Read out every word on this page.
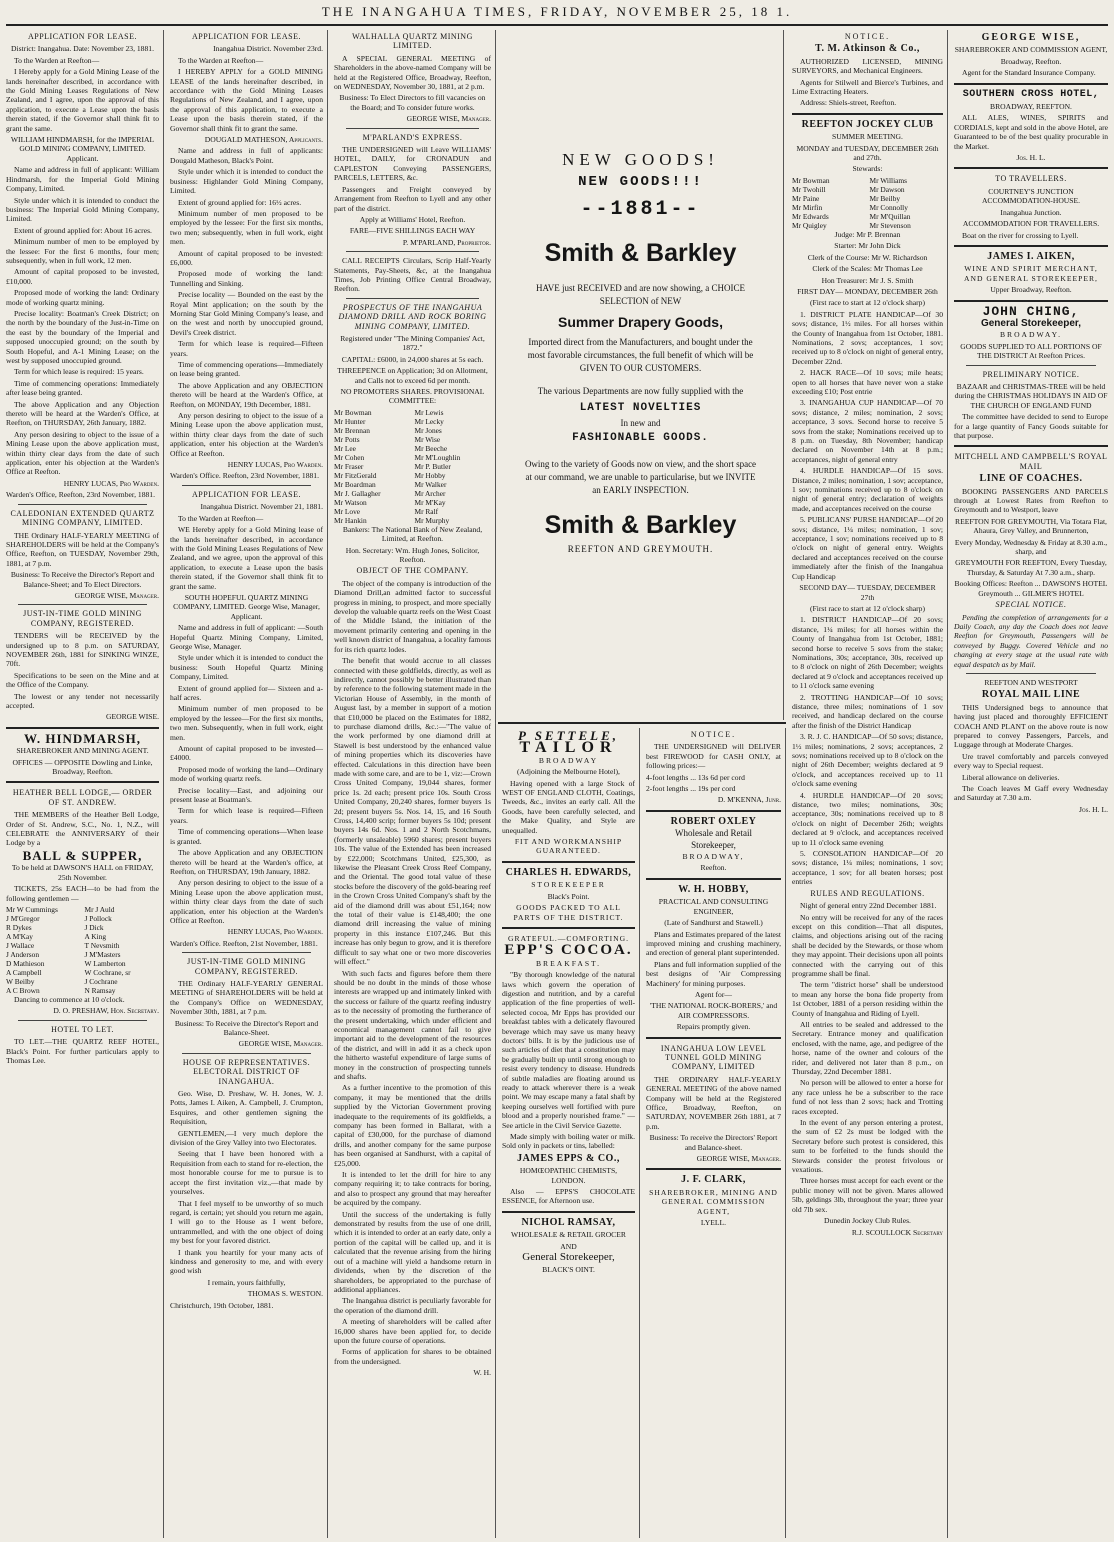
THE INANGAHUA TIMES, FRIDAY, NOVEMBER 25, 18 1.
APPLICATION FOR LEASE.

District: Inangahua. Date: November 23, 1881.

To the Warden at Reefton—

I Hereby apply for a Gold Mining Lease of the lands hereinafter described, in accordance with the Gold Mining Leases Regulations of New Zealand, and I agree, upon the approval of this application, to execute a Lease upon the basis therein stated, if the Governor shall think fit to grant the same.

WILLIAM HINDMARSH, for the IMPERIAL GOLD MINING COMPANY, LIMITED. Applicant.

Name and address in full of applicant: William Hindmarsh, for the Imperial Gold Mining Company, Limited.

Style under which it is intended to conduct the business: The Imperial Gold Mining Company, Limited.

Extent of ground applied for: About 16 acres.

Minimum number of men to be employed by the lessee: For the first 6 months, four men; subsequently, when in full work, 12 men.

Amount of capital proposed to be invested, £10,000.

Proposed mode of working the land: Ordinary mode of working quartz mining.

Precise locality: Boatman's Creek District; on the north by the boundary of the Just-in-Time on the east by the boundary of the Imperial and supposed unoccupied ground; on the south by South Hopeful, and A-1 Mining Lease; on the west by supposed unoccupied ground.

Term for which lease is required: 15 years.

Time of commencing operations: Immediately after lease being granted.

The above Application and any Objection thereto will be heard at the Warden's Office, at Reefton, on THURSDAY, 26th January, 1882.

Any person desiring to object to the issue of a Mining Lease upon the above application must, within thirty clear days from the date of such application, enter his objection at the Warden's Office at Reefton.

HENRY LUCAS, Pro Warden.

Warden's Office, Reefton, 23rd November, 1881.

CALEDONIAN EXTENDED QUARTZ MINING COMPANY, LIMITED.

THE Ordinary HALF-YEARLY MEETING of SHAREHOLDERS will be held at the Company's Office, Reefton, on TUESDAY, November 29th, 1881, at 7 p.m.

Business: To Receive the Director's Report and Balance-Sheet; and To Elect Directors.

GEORGE WISE, Manager.
JUST-IN-TIME GOLD MINING COMPANY, REGISTERED.

TENDERS will be RECEIVED by the undersigned up to 8 p.m. on SATURDAY, NOVEMBER 26th, 1881 for SINKING WINZE, 70ft.

Specifications to be seen on the Mine and at the Office of the Company.

The lowest or any tender not necessarily accepted.

GEORGE WISE.
W. HINDMARSH,

SHAREBROKER AND MINING AGENT.

OFFICES — OPPOSITE Dowling and Linke, Broadway, Reefton.

HEATHER BELL LODGE,— ORDER OF ST. ANDREW.

THE MEMBERS of the Heather Bell Lodge, Order of St. Andrew, S.C., No. 1, N.Z., will CELEBRATE the ANNIVERSARY of their Lodge by a

BALL & SUPPER,

To be held at DAWSON'S HALL on FRIDAY, 25th November.

TICKETS, 25s EACH—to be had from the following gentlemen —

Mr W Cummings	Mr J Auld
J M'Gregor	J Pollock
R Dykes	J Dick
A M'Kay	A King
J Wallace	T Nevsmith
J Anderson	J M'Masters
D Mathieson	W Lamberton
A Campbell	W Cochrane, sr
W Beilby	J Cochrane
A C Brown	N Ramsay

Dancing to commence at 10 o'clock.

D. O. PRESHAW, Hon. Secretary.
HOTEL TO LET.

TO LET.—THE QUARTZ REEF HOTEL, Black's Point. For further particulars apply to Thomas Lee.

APPLICATION FOR LEASE.

Inangahua District. November 23rd.

To the Warden at Reefton—

I HEREBY APPLY for a GOLD MINING LEASE of the lands hereinafter described, in accordance with the Gold Mining Leases Regulations of New Zealand, and I agree, upon the approval of this application, to execute a Lease upon the basis therein stated, if the Governor shall think fit to grant the same.

DOUGALD MATHESON, Applicants.

Name and address in full of applicants: Dougald Matheson, Black's Point.

Style under which it is intended to conduct the business: Highlander Gold Mining Company, Limited.

Extent of ground applied for: 16½ acres.

Minimum number of men proposed to be employed by the lessee: For the first six months, two men; subsequently, when in full work, eight men.

Amount of capital proposed to be invested: £6,000.

Proposed mode of working the land: Tunnelling and Sinking.

Precise locality — Bounded on the east by the Royal Mint application; on the south by the Morning Star Gold Mining Company's lease, and on the west and north by unoccupied ground, Devil's Creek district.

Term for which lease is required—Fifteen years.

Time of commencing operations—Immediately on lease being granted.

The above Application and any OBJECTION thereto will be heard at the Warden's Office, at Reefton, on MONDAY, 19th December, 1881.

Any person desiring to object to the issue of a Mining Lease upon the above application must, within thirty clear days from the date of such application, enter his objection at the Warden's Office at Reefton.

HENRY LUCAS, Pro Warden.

Warden's Office. Reefton, 23rd November, 1881.

APPLICATION FOR LEASE.

Inangahua District. November 21, 1881.

To the Warden at Reefton—

WE Hereby apply for a Gold Mining lease of the lands hereinafter described, in accordance with the Gold Mining Leases Regulations of New Zealand, and we agree, upon the approval of this application, to execute a Lease upon the basis therein stated, if the Governor shall think fit to grant the same.

SOUTH HOPEFUL QUARTZ MINING COMPANY, LIMITED. George Wise, Manager, Applicant.

Name and address in full of applicant: —South Hopeful Quartz Mining Company, Limited, George Wise, Manager.

Style under which it is intended to conduct the business: South Hopeful Quartz Mining Company, Limited.

Extent of ground applied for— Sixteen and a-half acres.

Minimum number of men proposed to be employed by the lessee—For the first six months, two men. Subsequently, when in full work, eight men.

Amount of capital proposed to be invested—£4000.

Proposed mode of working the land—Ordinary mode of working quartz reefs.

Precise locality—East, and adjoining our present lease at Boatman's.

Term for which lease is required—Fifteen years.

Time of commencing operations—When lease is granted.

The above Application and any OBJECTION thereto will be heard at the Warden's office, at Reefton, on THURSDAY, 19th January, 1882.

Any person desiring to object to the issue of a Mining Lease upon the above application must, within thirty clear days from the date of such application, enter his objection at the Warden's Office at Reefton.

HENRY LUCAS, Pro Warden.

Warden's Office. Reefton, 21st November, 1881.

JUST-IN-TIME GOLD MINING COMPANY, REGISTERED.

THE Ordinary HALF-YEARLY GENERAL MEETING of SHAREHOLDERS will be held at the Company's Office on WEDNESDAY, November 30th, 1881, at 7 p.m.

Business: To Receive the Director's Report and Balance-Sheet.

GEORGE WISE, Manager.
HOUSE OF REPRESENTATIVES. ELECTORAL DISTRICT OF INANGAHUA.

Geo. Wise, D. Preshaw, W. H. Jones, W. J. Potts, James I. Aiken, A. Campbell, J. Crumpton, Esquires, and other gentlemen signing the Requisition,

GENTLEMEN,—I very much deplore the division of the Grey Valley into two Electorates.

Seeing that I have been honored with a Requisition from each to stand for re-election, the most honorable course for me to pursue is to accept the first invitation viz.,—that made by yourselves.

That I feel myself to be unworthy of so much regard, is certain; yet should you return me again, I will go to the House as I went before, untrammelled, and with the one object of doing my best for your favored district.

I thank you heartily for your many acts of kindness and generosity to me, and with every good wish

I remain, yours faithfully,

THOMAS S. WESTON.

Christchurch, 19th October, 1881.

WALHALLA QUARTZ MINING LIMITED.

A SPECIAL GENERAL MEETING of Shareholders in the above-named Company will be held at the Registered Office, Broadway, Reefton, on WEDNESDAY, November 30, 1881, at 2 p.m.

Business: To Elect Directors to fill vacancies on the Board; and To consider future works.

GEORGE WISE, Manager.
M'PARLAND'S EXPRESS.

THE UNDERSIGNED will Leave WILLIAMS' HOTEL, DAILY, for CRONADUN and CAPLESTON Conveying PASSENGERS, PARCELS, LETTERS, &c.

Passengers and Freight conveyed by Arrangement from Reefton to Lyell and any other part of the district.

Apply at Williams' Hotel, Reefton.

FARE—FIVE SHILLINGS EACH WAY

P. M'PARLAND, Proprietor.

CALL RECEIPTS Circulars, Scrip Half-Yearly Statements, Pay-Sheets, &c, at the Inangahua Times, Job Printing Office Central Broadway, Reefton.

PROSPECTUS OF THE INANGAHUA DIAMOND DRILL AND ROCK BORING MINING COMPANY, LIMITED.

Registered under "The Mining Companies' Act, 1872."

CAPITAL: £6000, in 24,000 shares at 5s each.

THREEPENCE on Application; 3d on Allotment, and Calls not to exceed 6d per month.

NO PROMOTERS SHARES. PROVISIONAL COMMITTEE:

Mr Bowman	Mr Lewis
Mr Hunter	Mr Lecky
Mr Brennan	Mr Jones
Mr Potts	Mr Wise
Mr Lee	Mr Beeche
Mr Cohen	Mr M'Loughlin
Mr Fraser	Mr P. Butler
Mr FitzGerald	Mr Hobby
Mr Boardman	Mr Walker
Mr J. Gallagher	Mr Archer
Mr Watson	Mr M'Kay
Mr Love	Mr Ralf
Mr Hankin	Mr Murphy

Bankers: The National Bank of New Zealand, Limited, at Reefton.

Hon. Secretary: Wm. Hugh Jones, Solicitor, Reefton.

OBJECT OF THE COMPANY.

The object of the company is introduction of the Diamond Drill,an admitted factor to successful progress in mining, to prospect, and more specially develop the valuable quartz reefs on the West Coast of the Middle Island, the initiation of the movement primarily centering and opening in the well known district of Inangahua, a locality famous for its rich quartz lodes.

The benefit that would accrue to all classes connected with these goldfields, directly, as well as indirectly, cannot possibly be better illustrated than by reference to the following statement made in the Victorian House of Assembly, in the month of August last, by a member in support of a motion that £10,000 be placed on the Estimates for 1882, to purchase diamond drills, &c.:—"The value of the work performed by one diamond drill at Stawell is best understood by the enhanced value of mining properties which its discoveries have effected. Calculations in this direction have been made with some care, and are to be 1, viz:—Crown Cross United Company, 19,044 shares, former price 1s. 2d each; present price 10s. South Cross United Company, 20,240 shares, former buyers 1s 2d; present buyers 5s. Nos. 14, 15, and 16 South Cross, 14,400 scrip; former buyers 5s 10d; present buyers 14s 6d. Nos. 1 and 2 North Scotchmans, (formerly unsaleable) 5960 shares; present buyers 10s. The value of the Extended has been increased by £22,000; Scotchmans United, £25,300, as likewise the Pleasant Creek Cross Reef Company, and the Oriental. The good total value of these stocks before the discovery of the gold-bearing reef in the Crown Cross United Company's shaft by the aid of the diamond drill was about £51,164; now the total of their value is £148,400; the one diamond drill increasing the value of mining property in this instance £107,246. But this increase has only begun to grow, and it is therefore difficult to say what one or two more discoveries will effect."

With such facts and figures before them there should be no doubt in the minds of those whose interests are wrapped up and intimately linked with the success or failure of the quartz reefing industry as to the necessity of promoting the furtherance of the present undertaking, which under efficient and economical management cannot fail to give important aid to the development of the resources of the district, and will in add it as a check upon the hitherto wasteful expenditure of large sums of money in the construction of prospecting tunnels and shafts.

As a further incentive to the promotion of this company, it may be mentioned that the drills supplied by the Victorian Government proving inadequate to the requirements of its goldfields, a company has been formed in Ballarat, with a capital of £30,000, for the purchase of diamond drills, and another company for the same purpose has been organised at Sandhurst, with a capital of £25,000.

It is intended to let the drill for hire to any company requiring it; to take contracts for boring, and also to prospect any ground that may hereafter be acquired by the company.

Until the success of the undertaking is fully demonstrated by results from the use of one drill, which it is intended to order at an early date, only a portion of the capital will be called up, and it is calculated that the revenue arising from the hiring out of a machine will yield a handsome return in dividends, when by the discretion of the shareholders, be appropriated to the purchase of additional appliances.

The Inangahua district is peculiarly favorable for the operation of the diamond drill.

A meeting of shareholders will be called after 16,000 shares have been applied for, to decide upon the future course of operations.

Forms of application for shares to be obtained from the undersigned.

W. H.
NEW GOODS!
NEW GOODS!!!
--1881--
Smith & Barkley
HAVE just RECEIVED and are now showing, a CHOICE SELECTION of NEW
Summer Drapery Goods,
Imported direct from the Manufacturers, and bought under the most favorable circumstances, the full benefit of which will be GIVEN TO OUR CUSTOMERS.
The various Departments are now fully supplied with the
LATEST NOVELTIES
In new and
FASHIONABLE GOODS.
Owing to the variety of Goods now on view, and the short space at our command, we are unable to particularise, but we INVITE an EARLY INSPECTION.
Smith & Barkley
REEFTON AND GREYMOUTH.
P SETTELE,
TAILOR

BROADWAY

(Adjoining the Melbourne Hotel),

Having opened with a large Stock of WEST OF ENGLAND CLOTH, Coatings, Tweeds, &c., invites an early call. All the Goods, have been carefully selected, and the Make Quality, and Style are unequalled.

FIT AND WORKMANSHIP GUARANTEED.

CHARLES H. EDWARDS,

STOREKEEPER

Black's Point.

GOODS PACKED TO ALL PARTS OF THE DISTRICT.

GRATEFUL.—COMFORTING.

EPP'S COCOA.

BREAKFAST.

"By thorough knowledge of the natural laws which govern the operation of digestion and nutrition, and by a careful application of the fine properties of well-selected cocoa, Mr Epps has provided our breakfast tables with a delicately flavoured beverage which may save us many heavy doctors' bills. It is by the judicious use of such articles of diet that a constitution may be gradually built up until strong enough to resist every tendency to disease. Hundreds of subtle maladies are floating around us ready to attack wherever there is a weak point. We may escape many a fatal shaft by keeping ourselves well fortified with pure blood and a properly nourished frame." — See article in the Civil Service Gazette.

Made simply with boiling water or milk. Sold only in packets or tins, labelled:

JAMES EPPS & CO.,

HOMŒOPATHIC CHEMISTS, LONDON.

Also — EPPS'S CHOCOLATE ESSENCE, for Afternoon use.

NICHOL RAMSAY,

WHOLESALE & RETAIL GROCER

AND

General Storekeeper,

BLACK'S OINT.

NOTICE.

THE UNDERSIGNED will DELIVER best FIREWOOD for CASH ONLY, at following prices:—

4-foot lengths ... 13s 6d per cord

2-foot lengths ... 19s per cord

D. M'KENNA, Junr.
ROBERT OXLEY

Wholesale and Retail

Storekeeper,

BROADWAY,

Reefton.

W. H. HOBBY,

PRACTICAL AND CONSULTING ENGINEER,

(Late of Sandhurst and Stawell.)

Plans and Estimates prepared of the latest improved mining and crushing machinery, and erection of general plant superintended.

Plans and full information supplied of the best designs of 'Air Compressing Machinery' for mining purposes.

Agent for—

'THE NATIONAL ROCK-BORERS,' and AIR COMPRESSORS.

Repairs promptly given.

INANGAHUA LOW LEVEL TUNNEL GOLD MINING COMPANY, LIMITED

THE ORDINARY HALF-YEARLY GENERAL MEETING of the above named Company will be held at the Registered Office, Broadway, Reefton, on SATURDAY, NOVEMBER 26th 1881, at 7 p.m.

Business: To receive the Directors' Report and Balance-sheet.

GEORGE WISE, Manager.
J. F. CLARK,

SHAREBROKER, MINING AND GENERAL COMMISSION AGENT,

LYELL.

NOTICE.
T. M. Atkinson & Co.,

AUTHORIZED LICENSED, MINING SURVEYORS, and Mechanical Engineers.

Agents for Stilwell and Bierce's Turbines, and Lime Extracting Heaters.

Address: Shiels-street, Reefton.

REEFTON JOCKEY CLUB

SUMMER MEETING.

MONDAY and TUESDAY, DECEMBER 26th and 27th.

Stewards:

Mr Bowman	Mr Williams
Mr Twohill	Mr Dawson
Mr Paine	Mr Beilby
Mr Mirfin	Mr Connolly
Mr Edwards	Mr M'Quillan
Mr Quigley	Mr Stevenson

Judge: Mr P. Brennan

Starter: Mr John Dick

Clerk of the Course: Mr W. Richardson

Clerk of the Scales: Mr Thomas Lee

Hon Treasurer: Mr J. S. Smith

FIRST DAY— MONDAY, DECEMBER 26th

(First race to start at 12 o'clock sharp)

1. DISTRICT PLATE HANDICAP—Of 30 sovs; distance, 1½ miles. For all horses within the County of Inangahua from 1st October, 1881. Nominations, 2 sovs; acceptances, 1 sov; received up to 8 o'clock on night of general entry, December 22nd.

2. HACK RACE—Of 10 sovs; mile heats; open to all horses that have never won a stake exceeding £10; Post entrie

3. INANGAHUA CUP HANDICAP—Of 70 sovs; distance, 2 miles; nomination, 2 sovs; acceptance, 3 sovs. Second horse to receive 5 sovs from the stake; Nominations received up to 8 p.m. on Tuesday, 8th November; handicap declared on November 14th at 8 p.m.; acceptances, night of general entry

4. HURDLE HANDICAP—Of 15 sovs. Distance, 2 miles; nomination, 1 sov; acceptance, 1 sov; nominations received up to 8 o'clock on night of general entry; declaration of weights made, and acceptances received on the course

5. PUBLICANS' PURSE HANDICAP—Of 20 sovs; distance, 1¼ miles; nomination, 1 sov; acceptance, 1 sov; nominations received up to 8 o'clock on night of general entry. Weights declared and acceptances received on the course immediately after the finish of the Inangahua Cup Handicap

SECOND DAY— TUESDAY, DECEMBER 27th

(First race to start at 12 o'clock sharp)

1. DISTRICT HANDICAP—Of 20 sovs; distance, 1¼ miles; for all horses within the County of Inangahua from 1st October, 1881; second horse to receive 5 sovs from the stake; Nominations, 30s; acceptance, 30s, received up to 8 o'clock on night of 26th December; weights declared at 9 o'clock and acceptances received up to 11 o'clock same evening

2. TROTTING HANDICAP—Of 10 sovs; distance, three miles; nominations of 1 sov received, and handicap declared on the course after the finish of the District Handicap

3. R. J. C. HANDICAP—Of 50 sovs; distance, 1½ miles; nominations, 2 sovs; acceptances, 2 sovs; nominations received up to 8 o'clock on the night of 26th December; weights declared at 9 o'clock, and acceptances received up to 11 o'clock same evening

4. HURDLE HANDICAP—Of 20 sovs; distance, two miles; nominations, 30s; acceptance, 30s; nominations received up to 8 o'clock on night of December 26th; weights declared at 9 o'clock, and acceptances received up to 11 o'clock same evening

5. CONSOLATION HANDICAP—Of 20 sovs; distance, 1¼ miles; nominations, 1 sov; acceptance, 1 sov; for all beaten horses; post entries

RULES AND REGULATIONS.

Night of general entry 22nd December 1881.

No entry will be received for any of the races except on this condition—That all disputes, claims, and objections arising out of the racing shall be decided by the Stewards, or those whom they may appoint. Their decisions upon all points connected with the carrying out of this programme shall be final.

The term "district horse" shall be understood to mean any horse the bona fide property from 1st October, 1881 of a person residing within the County of Inangahua and Riding of Lyell.

All entries to be sealed and addressed to the Secretary. Entrance money and qualification enclosed, with the name, age, and pedigree of the horse, name of the owner and colours of the rider, and delivered not later than 8 p.m., on Thursday, 22nd December 1881.

No person will be allowed to enter a horse for any race unless he be a subscriber to the race fund of not less than 2 sovs; hack and Trotting races excepted.

In the event of any person entering a protest, the sum of £2 2s must be lodged with the Secretary before such protest is considered, this sum to be forfeited to the funds should the Stewards consider the protest frivolous or vexatious.

Three horses must accept for each event or the public money will not be given. Mares allowed 5lb, geldings 3lb, throughout the year; three year old 7lb sex.

Dunedin Jockey Club Rules.

R.J. SCOULLOCK Secretary
GEORGE WISE,

SHAREBROKER AND COMMISSION AGENT,

Broadway, Reefton.

Agent for the Standard Insurance Company.

SOUTHERN CROSS HOTEL,

BROADWAY, REEFTON.

ALL ALES, WINES, SPIRITS and CORDIALS, kept and sold in the above Hotel, are Guaranteed to be of the best quality procurable in the Market.

Jos. H. L.
TO TRAVELLERS.

COURTNEY'S JUNCTION ACCOMMODATION-HOUSE.

Inangahua Junction.

ACCOMMODATION FOR TRAVELLERS.

Boat on the river for crossing to Lyell.

JAMES I. AIKEN,

WINE AND SPIRIT MERCHANT, AND GENERAL STOREKEEPER,

Upper Broadway, Reefton.

JOHN CHING,

General Storekeeper,

BROADWAY.

GOODS SUPPLIED TO ALL PORTIONS OF THE DISTRICT At Reefton Prices.

PRELIMINARY NOTICE.

BAZAAR and CHRISTMAS-TREE will be held during the CHRISTMAS HOLIDAYS IN AID OF THE CHURCH OF ENGLAND FUND

The committee have decided to send to Europe for a large quantity of Fancy Goods suitable for that purpose.

MITCHELL AND CAMPBELL'S ROYAL MAIL
LINE OF COACHES.

BOOKING PASSENGERS AND PARCELS through at Lowest Rates from Reefton to Greymouth and to Westport, leave

REEFTON FOR GREYMOUTH, Via Totara Flat, Ahaura, Grey Valley, and Brunnerton,

Every Monday, Wednesday & Friday at 8.30 a.m., sharp, and

GREYMOUTH FOR REEFTON, Every Tuesday, Thursday, & Saturday At 7.30 a.m., sharp.

Booking Offices: Reefton ... DAWSON'S HOTEL Greymouth ... GILMER'S HOTEL

SPECIAL NOTICE.

Pending the completion of arrangements for a Daily Coach, any day the Coach does not leave Reefton for Greymouth, Passengers will be conveyed by Buggy. Covered Vehicle and no changing at every stage at the usual rate with equal despatch as by Mail.

REEFTON AND WESTPORT

ROYAL MAIL LINE

THIS Undersigned begs to announce that having just placed and thoroughly EFFICIENT COACH AND PLANT on the above route is now prepared to convey Passengers, Parcels, and Luggage through at Moderate Charges.

Ure travel comfortably and parcels conveyed every way to Special request.

Liberal allowance on deliveries.

The Coach leaves M Gaff every Wednesday and Saturday at 7.30 a.m.

Jos. H. L.
